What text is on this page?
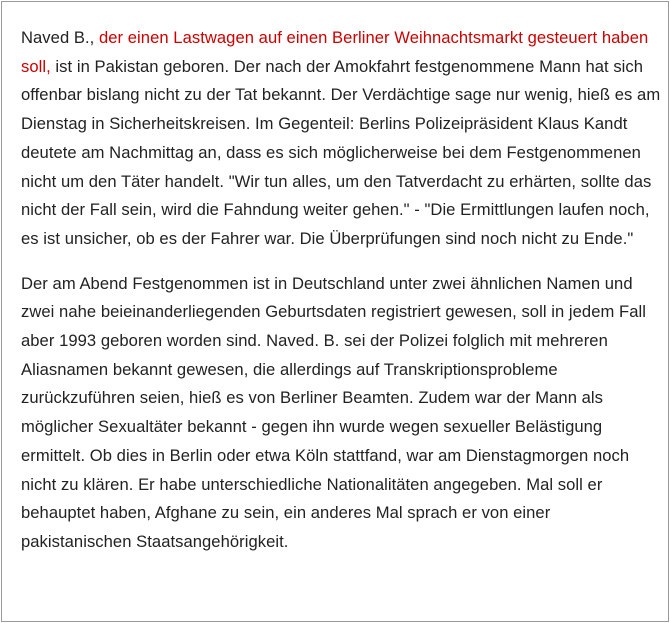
Naved B., der einen Lastwagen auf einen Berliner Weihnachtsmarkt gesteuert haben soll, ist in Pakistan geboren. Der nach der Amokfahrt festgenommene Mann hat sich offenbar bislang nicht zu der Tat bekannt. Der Verdächtige sage nur wenig, hieß es am Dienstag in Sicherheitskreisen. Im Gegenteil: Berlins Polizeipräsident Klaus Kandt deutete am Nachmittag an, dass es sich möglicherweise bei dem Festgenommenen nicht um den Täter handelt. "Wir tun alles, um den Tatverdacht zu erhärten, sollte das nicht der Fall sein, wird die Fahndung weiter gehen." - "Die Ermittlungen laufen noch, es ist unsicher, ob es der Fahrer war. Die Überprüfungen sind noch nicht zu Ende."

Der am Abend Festgenommen ist in Deutschland unter zwei ähnlichen Namen und zwei nahe beieinanderliegenden Geburtsdaten registriert gewesen, soll in jedem Fall aber 1993 geboren worden sind. Naved. B. sei der Polizei folglich mit mehreren Aliasnamen bekannt gewesen, die allerdings auf Transkriptionsprobleme zurückzuführen seien, hieß es von Berliner Beamten. Zudem war der Mann als möglicher Sexualtäter bekannt - gegen ihn wurde wegen sexueller Belästigung ermittelt. Ob dies in Berlin oder etwa Köln stattfand, war am Dienstagmorgen noch nicht zu klären. Er habe unterschiedliche Nationalitäten angegeben. Mal soll er behauptet haben, Afghane zu sein, ein anderes Mal sprach er von einer pakistanischen Staatsangehörigkeit.
